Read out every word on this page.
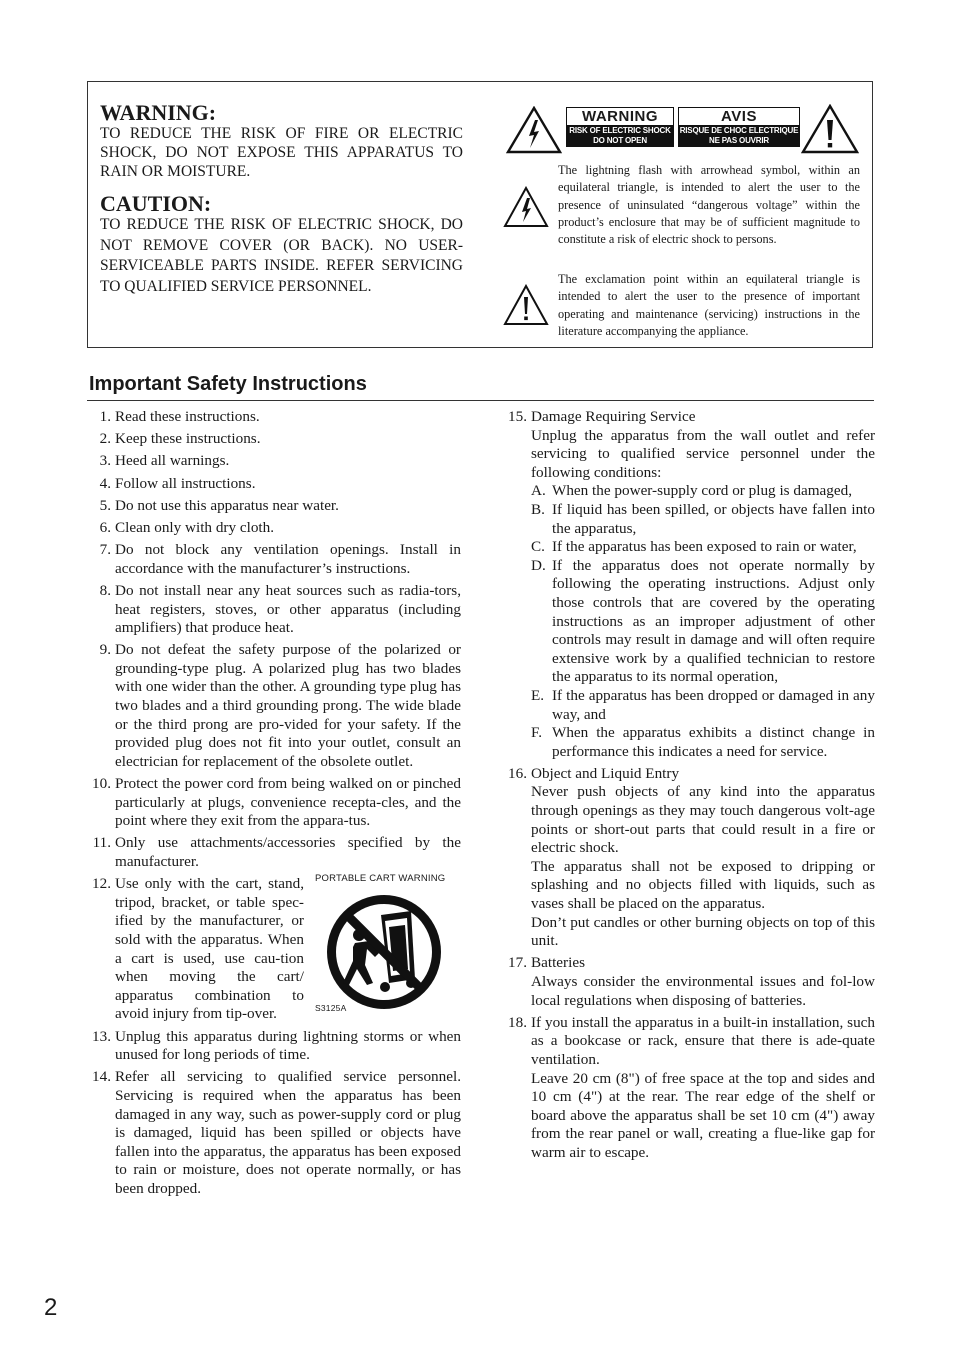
WARNING:

TO REDUCE THE RISK OF FIRE OR ELECTRIC SHOCK, DO NOT EXPOSE THIS APPARATUS TO RAIN OR MOISTURE.

CAUTION:

TO REDUCE THE RISK OF ELECTRIC SHOCK, DO NOT REMOVE COVER (OR BACK). NO USER-SERVICEABLE PARTS INSIDE. REFER SERVICING TO QUALIFIED SERVICE PERSONNEL.

WARNING
RISK OF ELECTRIC SHOCK
DO NOT OPEN
AVIS
RISQUE DE CHOC ELECTRIQUE
NE PAS OUVRIR

The lightning flash with arrowhead symbol, within an equilateral triangle, is intended to alert the user to the presence of uninsulated “dangerous voltage” within the product’s enclosure that may be of sufficient magnitude to constitute a risk of electric shock to persons.

The exclamation point within an equilateral triangle is intended to alert the user to the presence of important operating and maintenance (servicing) instructions in the literature accompanying the appliance.

Important Safety Instructions
1. Read these instructions.
2. Keep these instructions.
3. Heed all warnings.
4. Follow all instructions.
5. Do not use this apparatus near water.
6. Clean only with dry cloth.
7. Do not block any ventilation openings. Install in accordance with the manufacturer’s instructions.
8. Do not install near any heat sources such as radia-tors, heat registers, stoves, or other apparatus (including amplifiers) that produce heat.
9. Do not defeat the safety purpose of the polarized or grounding-type plug. A polarized plug has two blades with one wider than the other. A grounding type plug has two blades and a third grounding prong. The wide blade or the third prong are pro-vided for your safety. If the provided plug does not fit into your outlet, consult an electrician for replacement of the obsolete outlet.
10. Protect the power cord from being walked on or pinched particularly at plugs, convenience recepta-cles, and the point where they exit from the appara-tus.
11. Only use attachments/accessories specified by the manufacturer.
12. Use only with the cart, stand, tripod, bracket, or table spec-ified by the manufacturer, or sold with the apparatus. When a cart is used, use cau-tion when moving the cart/ apparatus combination to avoid injury from tip-over.
PORTABLE CART WARNING
S3125A
13. Unplug this apparatus during lightning storms or when unused for long periods of time.
14. Refer all servicing to qualified service personnel. Servicing is required when the apparatus has been damaged in any way, such as power-supply cord or plug is damaged, liquid has been spilled or objects have fallen into the apparatus, the apparatus has been exposed to rain or moisture, does not operate normally, or has been dropped.
15. Damage Requiring Service
Unplug the apparatus from the wall outlet and refer servicing to qualified service personnel under the following conditions:
A. When the power-supply cord or plug is damaged,
B. If liquid has been spilled, or objects have fallen into the apparatus,
C. If the apparatus has been exposed to rain or water,
D. If the apparatus does not operate normally by following the operating instructions. Adjust only those controls that are covered by the operating instructions as an improper adjustment of other controls may result in damage and will often require extensive work by a qualified technician to restore the apparatus to its normal operation,
E. If the apparatus has been dropped or damaged in any way, and
F. When the apparatus exhibits a distinct change in performance this indicates a need for service.
16. Object and Liquid Entry
Never push objects of any kind into the apparatus through openings as they may touch dangerous volt-age points or short-out parts that could result in a fire or electric shock.
The apparatus shall not be exposed to dripping or splashing and no objects filled with liquids, such as vases shall be placed on the apparatus.
Don’t put candles or other burning objects on top of this unit.
17. Batteries
Always consider the environmental issues and fol-low local regulations when disposing of batteries.
18. If you install the apparatus in a built-in installation, such as a bookcase or rack, ensure that there is ade-quate ventilation.
Leave 20 cm (8") of free space at the top and sides and 10 cm (4") at the rear. The rear edge of the shelf or board above the apparatus shall be set 10 cm (4") away from the rear panel or wall, creating a flue-like gap for warm air to escape.
2
